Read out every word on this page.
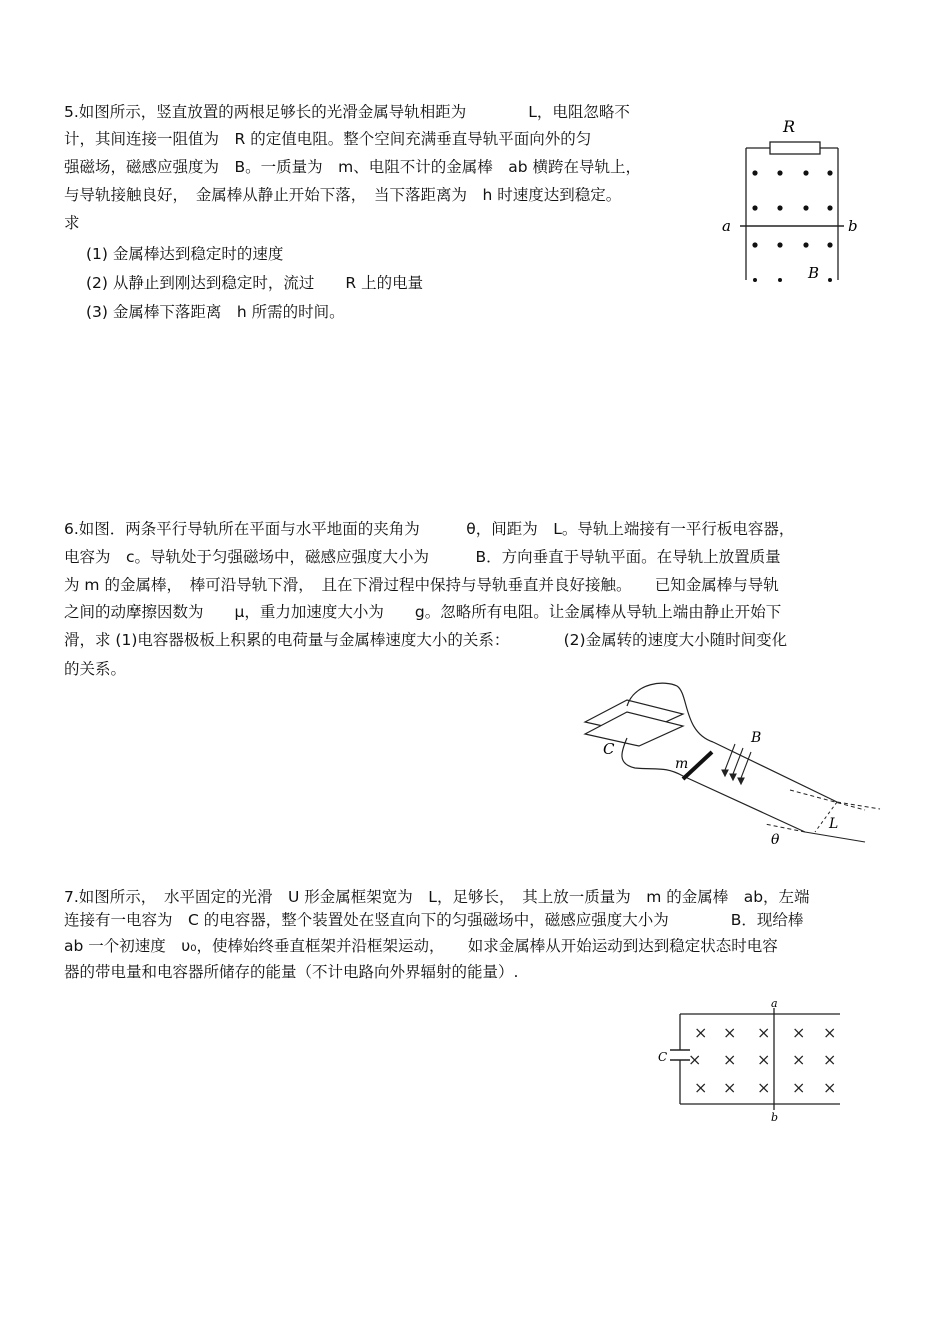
5.如图所示，竖直放置的两根足够长的光滑金属导轨相距为　　　　L，电阻忽略不
计，其间连接一阻值为　R 的定值电阻。整个空间充满垂直导轨平面向外的匀
强磁场，磁感应强度为　B。一质量为　m、电阻不计的金属棒　ab 横跨在导轨上，
与导轨接触良好，　金属棒从静止开始下落，　当下落距离为　h 时速度达到稳定。
求
(1) 金属棒达到稳定时的速度
(2) 从静止到刚达到稳定时，流过　　R 上的电量
(3) 金属棒下落距离　h 所需的时间。
R
a	b
B
6.如图．两条平行导轨所在平面与水平地面的夹角为　　　θ，间距为　L。导轨上端接有一平行板电容器，
电容为　c。导轨处于匀强磁场中，磁感应强度大小为　　　B．方向垂直于导轨平面。在导轨上放置质量
为 m 的金属棒，　棒可沿导轨下滑，　且在下滑过程中保持与导轨垂直并良好接触。　　已知金属棒与导轨
之间的动摩擦因数为　　μ，重力加速度大小为　　g。忽略所有电阻。让金属棒从导轨上端由静止开始下
滑，求 (1)电容器极板上积累的电荷量与金属棒速度大小的关系：　　　　(2)金属转的速度大小随时间变化
的关系。
C
m
B
L
θ
7.如图所示，　水平固定的光滑　U 形金属框架宽为　L，足够长，　其上放一质量为　m 的金属棒　ab，左端
连接有一电容为　C 的电容器，整个装置处在竖直向下的匀强磁场中，磁感应强度大小为　　　　B．现给棒
ab 一个初速度　υ₀，使棒始终垂直框架并沿框架运动，　　如求金属棒从开始运动到达到稳定状态时电容
器的带电量和电容器所储存的能量（不计电路向外界辐射的能量）.
C
a
b
× × × × ×
× × × × ×
× × × × ×
